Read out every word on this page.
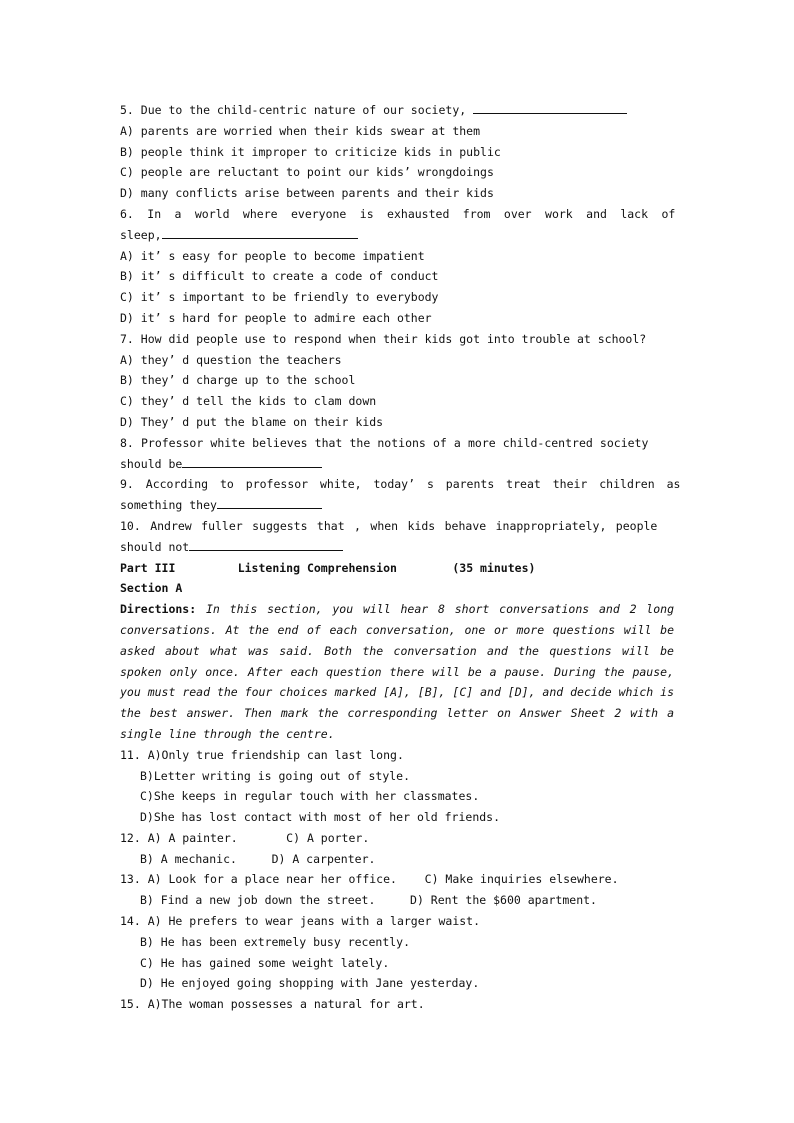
5. Due to the child-centric nature of our society,
A) parents are worried when their kids swear at them
B) people think it improper to criticize kids in public
C) people are reluctant to point our kids’ wrongdoings
D) many conflicts arise between parents and their kids
6. In a world where everyone is exhausted from over work and lack of
sleep,
A) it’ s easy for people to become impatient
B) it’ s difficult to create a code of conduct
C) it’ s important to be friendly to everybody
D) it’ s hard for people to admire each other
7. How did people use to respond when their kids got into trouble at school?
A) they’ d question the teachers
B) they’ d charge up to the school
C) they’ d tell the kids to clam down
D) They’ d put the blame on their kids
8. Professor white believes that the notions of a more child-centred society
should be
9. According to professor white, today’ s parents treat their children as
something they
10. Andrew fuller suggests that , when kids behave inappropriately, people
should not
Part III	Listening Comprehension	(35 minutes)
Section A
Directions: In this section, you will hear 8 short conversations and 2 long conversations. At the end of each conversation, one or more questions will be asked about what was said. Both the conversation and the questions will be spoken only once. After each question there will be a pause. During the pause, you must read the four choices marked [A], [B], [C] and [D], and decide which is the best answer. Then mark the corresponding letter on Answer Sheet 2 with a single line through the centre.
11. A)Only true friendship can last long.
B)Letter writing is going out of style.
C)She keeps in regular touch with her classmates.
D)She has lost contact with most of her old friends.
12. A) A painter.	C) A porter.
B) A mechanic.	D) A carpenter.
13. A) Look for a place near her office. C) Make inquiries elsewhere.
B) Find a new job down the street.	D) Rent the $600 apartment.
14. A) He prefers to wear jeans with a larger waist.
B) He has been extremely busy recently.
C) He has gained some weight lately.
D) He enjoyed going shopping with Jane yesterday.
15. A)The woman possesses a natural for art.
